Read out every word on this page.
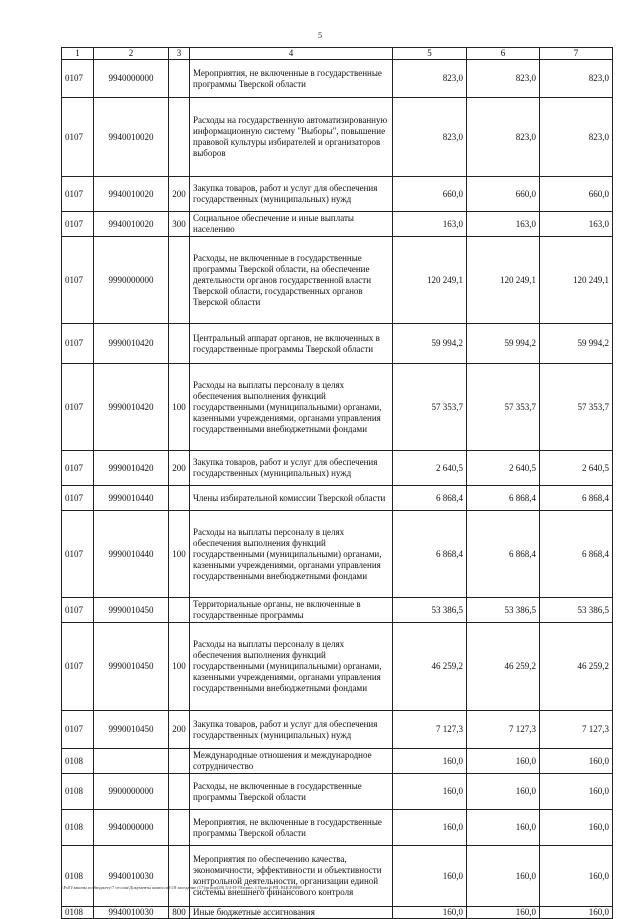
5
1	2	3	4	5	6	7
0107	9940000000		Мероприятия, не включенные в государственные программы Тверской области	823,0	823,0	823,0
0107	9940010020		Расходы на государственную автоматизированную информационную систему "Выборы", повышение правовой культуры избирателей и организаторов выборов	823,0	823,0	823,0
0107	9940010020	200	Закупка товаров, работ и услуг для обеспечения государственных (муниципальных) нужд	660,0	660,0	660,0
0107	9940010020	300	Социальное обеспечение и иные выплаты населению	163,0	163,0	163,0
0107	9990000000		Расходы, не включенные в государственные программы Тверской области, на обеспечение деятельности органов государственной власти Тверской области, государственных органов Тверской области	120 249,1	120 249,1	120 249,1
0107	9990010420		Центральный аппарат органов, не включенных в государственные программы Тверской области	59 994,2	59 994,2	59 994,2
0107	9990010420	100	Расходы на выплаты персоналу в целях обеспечения выполнения функций государственными (муниципальными) органами, казенными учреждениями, органами управления государственными внебюджетными фондами	57 353,7	57 353,7	57 353,7
0107	9990010420	200	Закупка товаров, работ и услуг для обеспечения государственных (муниципальных) нужд	2 640,5	2 640,5	2 640,5
0107	9990010440		Члены избирательной комиссии Тверской области	6 868,4	6 868,4	6 868,4
0107	9990010440	100	Расходы на выплаты персоналу в целях обеспечения выполнения функций государственными (муниципальными) органами, казенными учреждениями, органами управления государственными внебюджетными фондами	6 868,4	6 868,4	6 868,4
0107	9990010450		Территориальные органы, не включенные в государственные программы	53 386,5	53 386,5	53 386,5
0107	9990010450	100	Расходы на выплаты персоналу в целях обеспечения выполнения функций государственными (муниципальными) органами, казенными учреждениями, органами управления государственными внебюджетными фондами	46 259,2	46 259,2	46 259,2
0107	9990010450	200	Закупка товаров, работ и услуг для обеспечения государственных (муниципальных) нужд	7 127,3	7 127,3	7 127,3
0108			Международные отношения и международное сотрудничество	160,0	160,0	160,0
0108	9900000000		Расходы, не включенные в государственные программы Тверской области	160,0	160,0	160,0
0108	9940000000		Мероприятия, не включенные в государственные программы Тверской области	160,0	160,0	160,0
0108	9940010030		Мероприятия по обеспечению качества, экономичности, эффективности и объективности контрольной деятельности, организации единой системы внешнего финансового контроля	160,0	160,0	160,0
0108	9940010030	800	Иные бюджетные ассигнования	160,0	160,0	160,0
\\Fs01\законы по бюджету\7 сессия\Документы комиссий\18 заседание (17)\prilop(28) 5/4-П-70\прил. 1 Прил 8 РП, ВЦСР.ВВР
